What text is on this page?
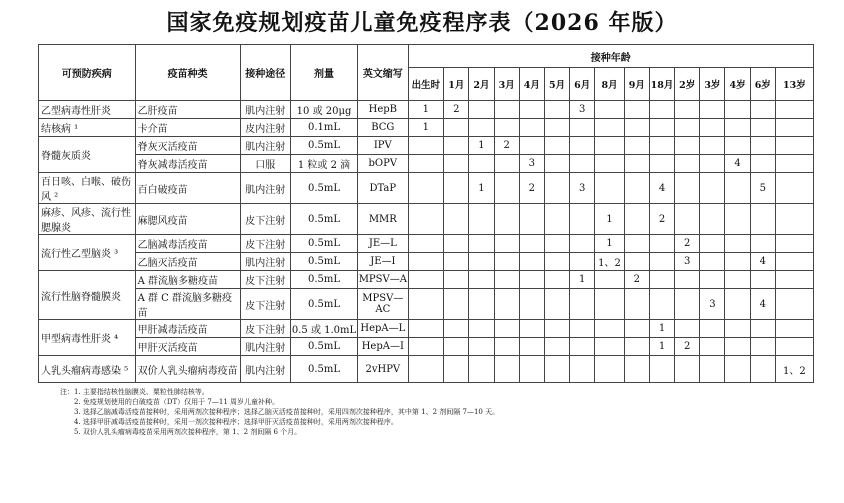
国家免疫规划疫苗儿童免疫程序表（2026 年版）
可预防疾病	疫苗种类	接种途径	剂量	英文缩写	接种年龄														
					出生时	1月	2月	3月	4月	5月	6月	8月	9月	18月	2岁	3岁	4岁	6岁	13岁
乙型病毒性肝炎	乙肝疫苗	肌内注射	10 或 20μg	HepB	1	2					3								
结核病 ¹	卡介苗	皮内注射	0.1mL	BCG	1														
脊髓灰质炎	脊灰灭活疫苗	肌内注射	0.5mL	IPV			1	2											
	脊灰减毒活疫苗	口服	1 粒或 2 滴	bOPV					3								4		
百日咳、白喉、破伤风 ²	百白破疫苗	肌内注射	0.5mL	DTaP			1		2		3			4				5	
麻疹、风疹、流行性腮腺炎	麻腮风疫苗	皮下注射	0.5mL	MMR								1		2					
流行性乙型脑炎 ³	乙脑减毒活疫苗	皮下注射	0.5mL	JE—L								1			2				
	乙脑灭活疫苗	肌内注射	0.5mL	JE—I								1、2			3			4	
流行性脑脊髓膜炎	A 群流脑多糖疫苗	皮下注射	0.5mL	MPSV—A							1		2						
	A 群 C 群流脑多糖疫苗	皮下注射	0.5mL	MPSV—AC												3		4	
甲型病毒性肝炎 ⁴	甲肝减毒活疫苗	皮下注射	0.5 或 1.0mL	HepA—L										1					
	甲肝灭活疫苗	肌内注射	0.5mL	HepA—I										1	2				
人乳头瘤病毒感染 ⁵	双价人乳头瘤病毒疫苗	肌内注射	0.5mL	2vHPV															1、2
注：1. 主要指结核性脑膜炎、粟粒性肺结核等。
2. 免疫规划使用的白破疫苗（DT）仅用于 7—11 周岁儿童补种。
3. 选择乙脑减毒活疫苗接种时，采用两剂次接种程序；选择乙脑灭活疫苗接种时，采用四剂次接种程序，其中第 1、2 剂间隔 7—10 天。
4. 选择甲肝减毒活疫苗接种时，采用一剂次接种程序；选择甲肝灭活疫苗接种时，采用两剂次接种程序。
5. 双价人乳头瘤病毒疫苗采用两剂次接种程序，第 1、2 剂间隔 6 个月。
